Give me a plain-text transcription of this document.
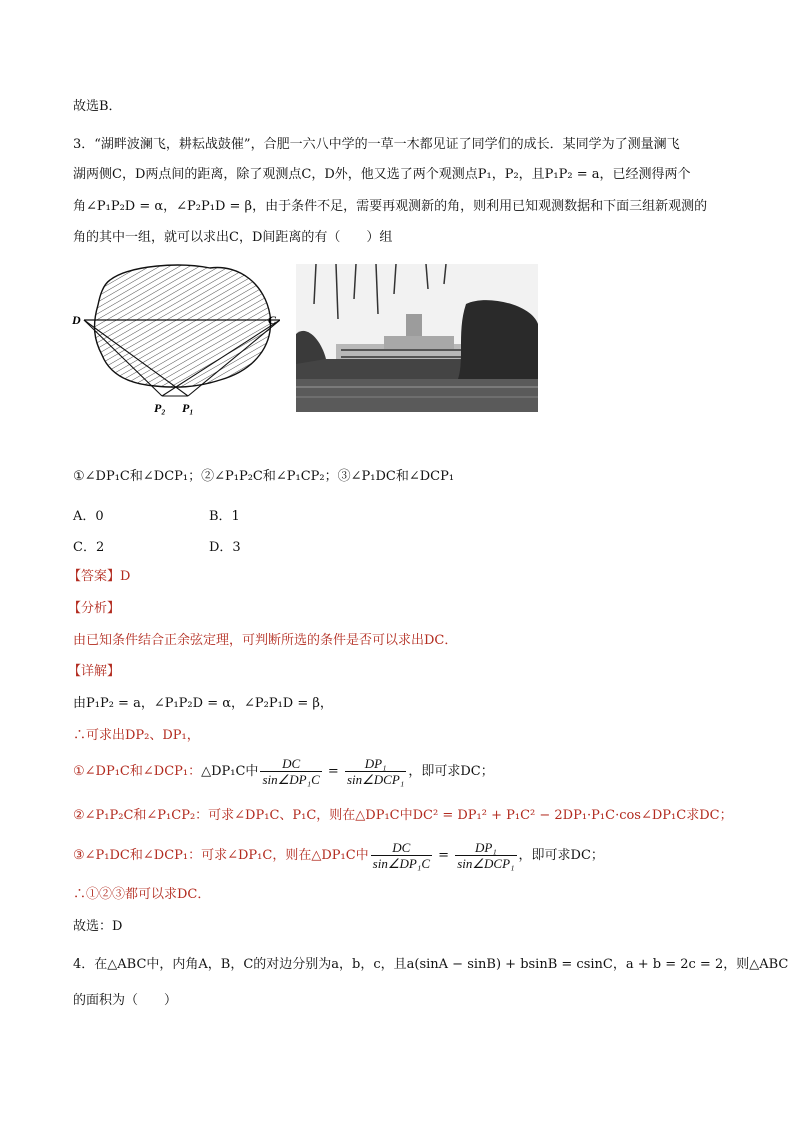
故选B．
3．“湖畔波澜飞，耕耘战鼓催”，合肥一六八中学的一草一木都见证了同学们的成长．某同学为了测量澜飞
湖两侧C，D两点间的距离，除了观测点C，D外，他又选了两个观测点P₁，P₂，且P₁P₂ = a，已经测得两个
角∠P₁P₂D = α，∠P₂P₁D = β，由于条件不足，需要再观测新的角，则利用已知观测数据和下面三组新观测的
角的其中一组，就可以求出C，D间距离的有（　　）组
D	C
P₂ P₁
①∠DP₁C和∠DCP₁；②∠P₁P₂C和∠P₁CP₂；③∠P₁DC和∠DCP₁
A．0	B．1
C．2	D．3
【答案】D
【分析】
由已知条件结合正余弦定理，可判断所选的条件是否可以求出DC．
【详解】
由P₁P₂ = a，∠P₁P₂D = α，∠P₂P₁D = β，
∴可求出DP₂、DP₁，
①∠DP₁C和∠DCP₁：△DP₁C中 $\frac{DC}{\text{sin∠DP₁C}} = \frac{\text{DP₁}}{\text{sin∠DCP₁}}$ ，即可求DC；
②∠P₁P₂C和∠P₁CP₂：可求∠DP₁C、P₁C，则在△DP₁C中DC² = DP₁² + P₁C² − 2DP₁·P₁C·cos∠DP₁C求DC；
③∠P₁DC和∠DCP₁：可求∠DP₁C，则在△DP₁C中 $\frac{DC}{\text{sin∠DP₁C}} = \frac{\text{DP₁}}{\text{sin∠DCP₁}}$ ，即可求DC；
∴①②③都可以求DC．
故选：D
4．在△ABC中，内角A，B，C的对边分别为a，b，c，且a(sinA − sinB) + bsinB = csinC，a + b = 2c = 2，则△ABC
的面积为（　　）
